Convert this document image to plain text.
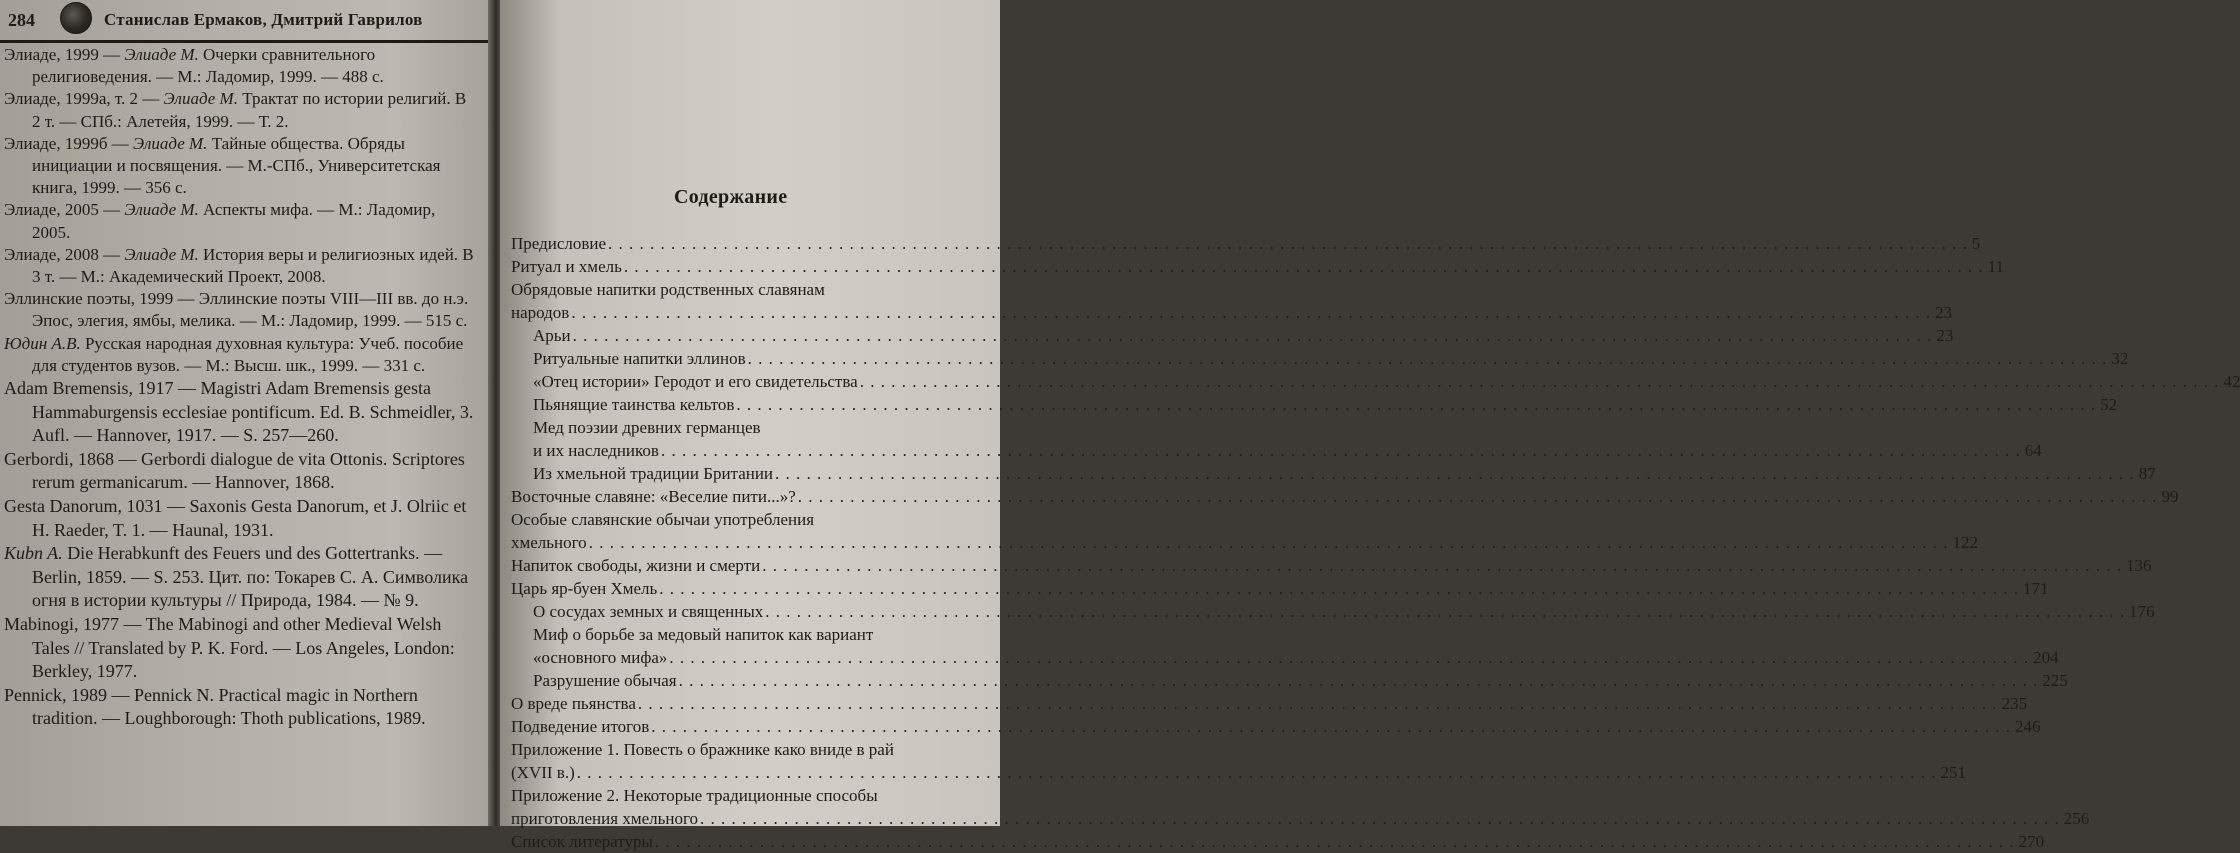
284	Станислав Ермаков, Дмитрий Гаврилов

Элиаде, 1999 — Элиаде М. Очерки сравнительного религиоведения. — М.: Ладомир, 1999. — 488 с.

Элиаде, 1999а, т. 2 — Элиаде М. Трактат по истории религий. В 2 т. — СПб.: Алетейя, 1999. — Т. 2.

Элиаде, 1999б — Элиаде М. Тайные общества. Обряды инициации и посвящения. — М.-СПб., Университетская книга, 1999. — 356 с.

Элиаде, 2005 — Элиаде М. Аспекты мифа. — М.: Ладомир, 2005.

Элиаде, 2008 — Элиаде М. История веры и религиозных идей. В 3 т. — М.: Академический Проект, 2008.

Эллинские поэты, 1999 — Эллинские поэты VIII—III вв. до н.э. Эпос, элегия, ямбы, мелика. — М.: Ладомир, 1999. — 515 с.

Юдин А.В. Русская народная духовная культура: Учеб. пособие для студентов вузов. — М.: Высш. шк., 1999. — 331 с.

Adam Bremensis, 1917 — Magistri Adam Bremensis gesta Hammaburgensis ecclesiae pontificum. Ed. B. Schmeidler, 3. Aufl. — Hannover, 1917. — S. 257—260.

Gerbordi, 1868 — Gerbordi dialogue de vita Ottonis. Scriptores rerum germanicarum. — Hannover, 1868.

Gesta Danorum, 1031 — Saxonis Gesta Danorum, et J. Olriic et H. Raeder, T. 1. — Haunal, 1931.

Kubn A. Die Herabkunft des Feuers und des Gottertranks. — Berlin, 1859. — S. 253. Цит. по: Токарев С. А. Символика огня в истории культуры // Природа, 1984. — № 9.

Mabinogi, 1977 — The Mabinogi and other Medieval Welsh Tales // Translated by P. K. Ford. — Los Angeles, London: Berkley, 1977.

Pennick, 1989 — Pennick N. Practical magic in Northern tradition. — Loughborough: Thoth publications, 1989.

Содержание
Предисловие . . .	5
Ритуал и хмель . . .	11
Обрядовые напитки родственных славянам
народов . . .	23
Арьи . . .	23
Ритуальные напитки эллинов . . .	32
«Отец истории» Геродот и его свидетельства . . .	42
Пьянящие таинства кельтов . . .	52
Мед поэзии древних германцев
и их наследников . . .	64
Из хмельной традиции Британии . . .	87
Восточные славяне: «Веселие пити...»? . . .	99
Особые славянские обычаи употребления
хмельного . . .	122
Напиток свободы, жизни и смерти . . .	136
Царь яр-буен Хмель . . .	171
О сосудах земных и священных . . .	176
Миф о борьбе за медовый напиток как вариант
«основного мифа» . . .	204
Разрушение обычая . . .	225
О вреде пьянства . . .	235
Подведение итогов . . .	246
Приложение 1. Повесть о бражнике како вниде в рай
(XVII в.) . . .	251
Приложение 2. Некоторые традиционные способы
приготовления хмельного . . .	256
Список литературы . . .	270
